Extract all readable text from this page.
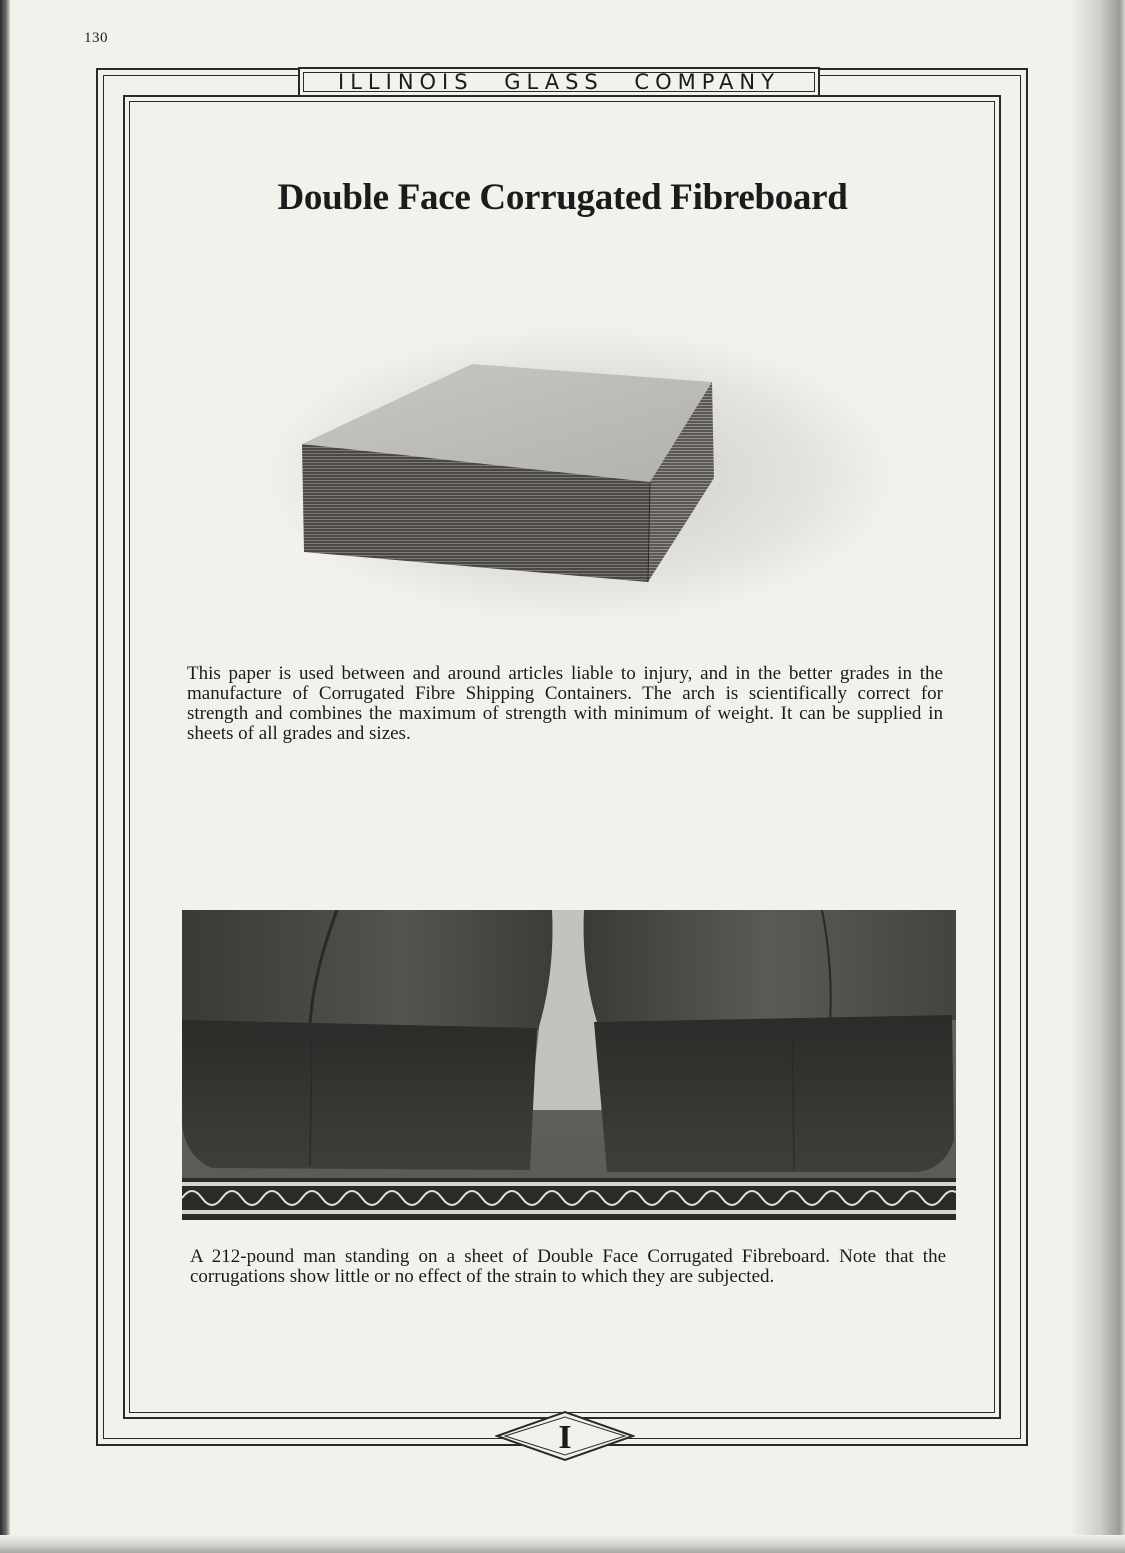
130
ILLINOIS GLASS COMPANY
Double Face Corrugated Fibreboard
This paper is used between and around articles liable to injury, and in the better grades in the manufacture of Corrugated Fibre Shipping Containers. The arch is scientifically correct for strength and combines the maximum of strength with minimum of weight. It can be supplied in sheets of all grades and sizes.
A 212-pound man standing on a sheet of Double Face Corrugated Fibreboard. Note that the corrugations show little or no effect of the strain to which they are subjected.
I
